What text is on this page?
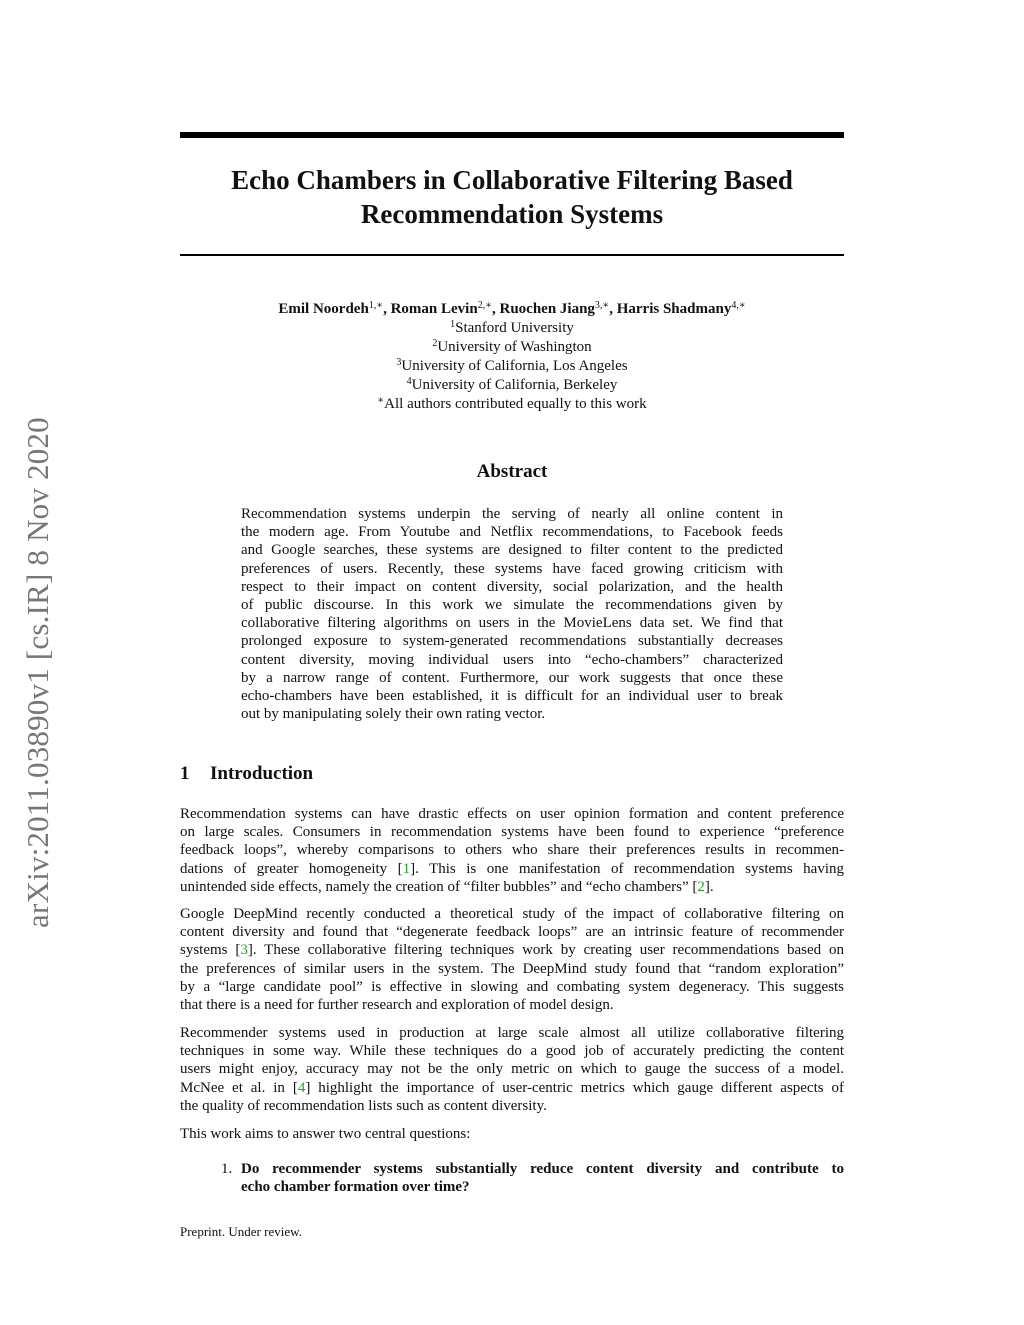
arXiv:2011.03890v1 [cs.IR] 8 Nov 2020
Echo Chambers in Collaborative Filtering Based
Recommendation Systems
Emil Noordeh$^{1,∗}$, Roman Levin$^{2,∗}$, Ruochen Jiang$^{3,∗}$, Harris Shadmany$^{4,∗}$
$^1$Stanford University
$^2$University of Washington
$^3$University of California, Los Angeles
$^4$University of California, Berkeley
∗All authors contributed equally to this work
Abstract
Recommendation systems underpin the serving of nearly all online content in
the modern age. From Youtube and Netflix recommendations, to Facebook feeds
and Google searches, these systems are designed to filter content to the predicted
preferences of users. Recently, these systems have faced growing criticism with
respect to their impact on content diversity, social polarization, and the health
of public discourse. In this work we simulate the recommendations given by
collaborative filtering algorithms on users in the MovieLens data set. We find that
prolonged exposure to system-generated recommendations substantially decreases
content diversity, moving individual users into “echo-chambers” characterized
by a narrow range of content. Furthermore, our work suggests that once these
echo-chambers have been established, it is difficult for an individual user to break
out by manipulating solely their own rating vector.
1 Introduction
Recommendation systems can have drastic effects on user opinion formation and content preference
on large scales. Consumers in recommendation systems have been found to experience “preference
feedback loops”, whereby comparisons to others who share their preferences results in recommen-
dations of greater homogeneity [1]. This is one manifestation of recommendation systems having
unintended side effects, namely the creation of “filter bubbles” and “echo chambers” [2].
Google DeepMind recently conducted a theoretical study of the impact of collaborative filtering on
content diversity and found that “degenerate feedback loops” are an intrinsic feature of recommender
systems [3]. These collaborative filtering techniques work by creating user recommendations based on
the preferences of similar users in the system. The DeepMind study found that “random exploration”
by a “large candidate pool” is effective in slowing and combating system degeneracy. This suggests
that there is a need for further research and exploration of model design.
Recommender systems used in production at large scale almost all utilize collaborative filtering
techniques in some way. While these techniques do a good job of accurately predicting the content
users might enjoy, accuracy may not be the only metric on which to gauge the success of a model.
McNee et al. in [4] highlight the importance of user-centric metrics which gauge different aspects of
the quality of recommendation lists such as content diversity.
This work aims to answer two central questions:
1. Do recommender systems substantially reduce content diversity and contribute to
echo chamber formation over time?
Preprint. Under review.
